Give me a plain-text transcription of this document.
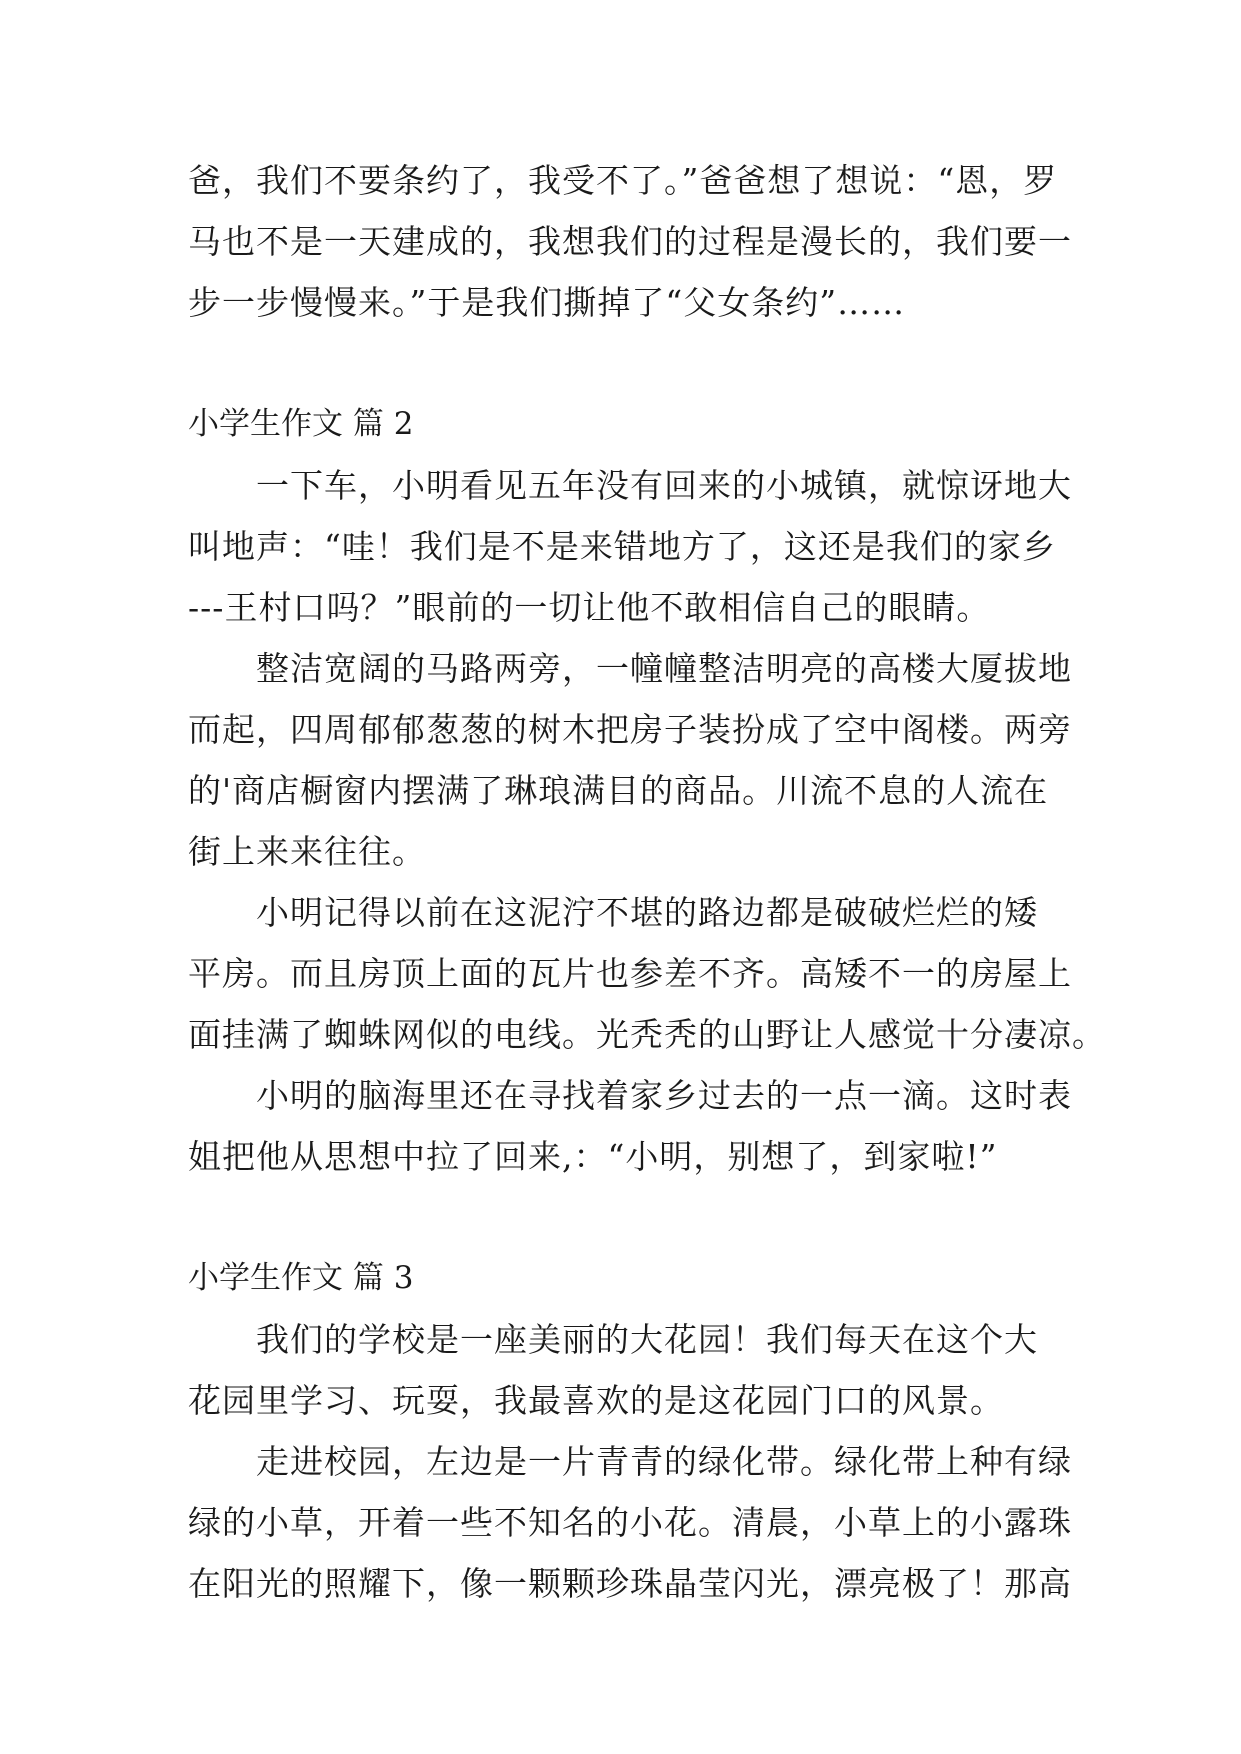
爸，我们不要条约了，我受不了。”爸爸想了想说：“恩，罗
马也不是一天建成的，我想我们的过程是漫长的，我们要一
步一步慢慢来。”于是我们撕掉了“父女条约”……
小学生作文 篇 2
一下车，小明看见五年没有回来的小城镇，就惊讶地大
叫地声：“哇！我们是不是来错地方了，这还是我们的家乡
---王村口吗？”眼前的一切让他不敢相信自己的眼睛。
整洁宽阔的马路两旁，一幢幢整洁明亮的高楼大厦拔地
而起，四周郁郁葱葱的树木把房子装扮成了空中阁楼。两旁
的'商店橱窗内摆满了琳琅满目的商品。川流不息的人流在
街上来来往往。
小明记得以前在这泥泞不堪的路边都是破破烂烂的矮
平房。而且房顶上面的瓦片也参差不齐。高矮不一的房屋上
面挂满了蜘蛛网似的电线。光秃秃的山野让人感觉十分凄凉。
小明的脑海里还在寻找着家乡过去的一点一滴。这时表
姐把他从思想中拉了回来,：“小明，别想了，到家啦!”
小学生作文 篇 3
我们的学校是一座美丽的大花园！我们每天在这个大
花园里学习、玩耍，我最喜欢的是这花园门口的风景。
走进校园，左边是一片青青的绿化带。绿化带上种有绿
绿的小草，开着一些不知名的小花。清晨，小草上的小露珠
在阳光的照耀下，像一颗颗珍珠晶莹闪光，漂亮极了！那高
